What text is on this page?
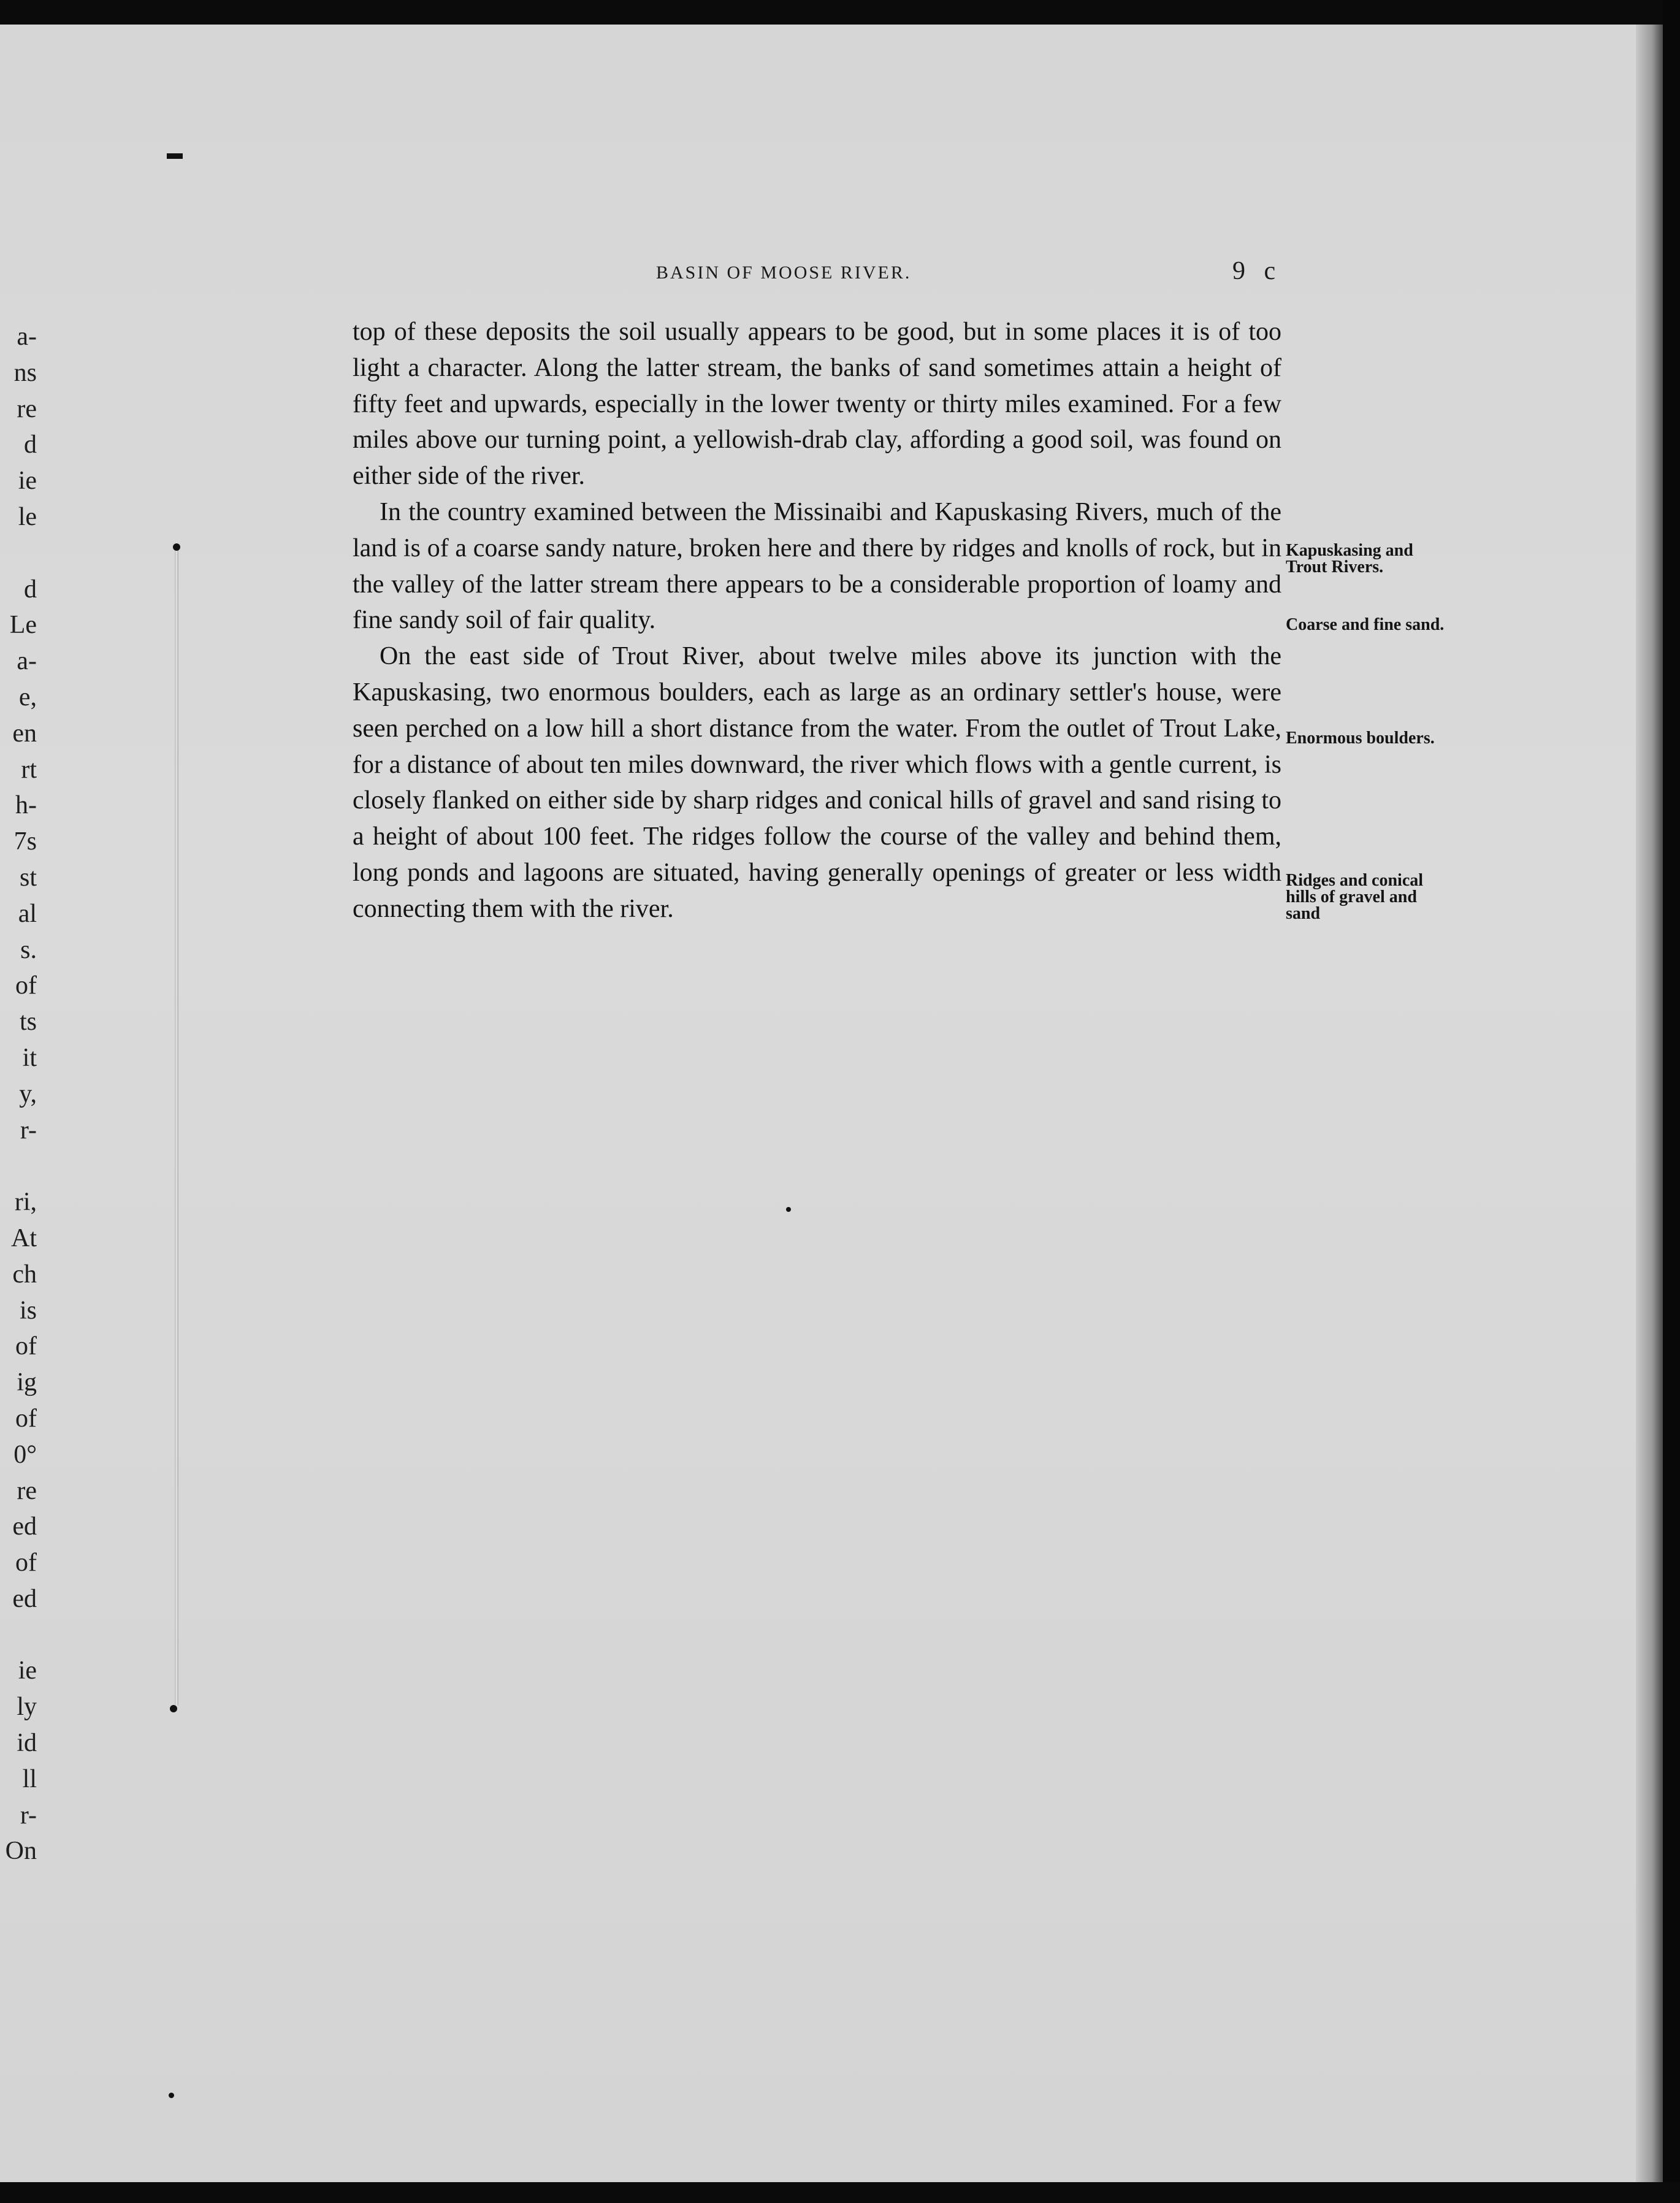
a-
ns
re
d
ie
le

d
Le
a-
e,
en
rt
h-
7s
st
al
s.
of
ts
it
y,
r-

ri,
At
ch
is
of
ig
of
0°
re
ed
of
ed

ie
ly
id
ll
r-
On
BASIN OF MOOSE RIVER.	9 c

top of these deposits the soil usually appears to be good, but in some places it is of too light a character. Along the latter stream, the banks of sand sometimes attain a height of fifty feet and upwards, especially in the lower twenty or thirty miles examined. For a few miles above our turning point, a yellowish-drab clay, affording a good soil, was found on either side of the river.

In the country examined between the Missinaibi and Kapuskasing Rivers, much of the land is of a coarse sandy nature, broken here and there by ridges and knolls of rock, but in the valley of the latter stream there appears to be a considerable proportion of loamy and fine sandy soil of fair quality.

On the east side of Trout River, about twelve miles above its junction with the Kapuskasing, two enormous boulders, each as large as an ordinary settler's house, were seen perched on a low hill a short distance from the water. From the outlet of Trout Lake, for a distance of about ten miles downward, the river which flows with a gentle current, is closely flanked on either side by sharp ridges and conical hills of gravel and sand rising to a height of about 100 feet. The ridges follow the course of the valley and behind them, long ponds and lagoons are situated, having generally openings of greater or less width connecting them with the river.

Kapuskasing and Trout Rivers.
Coarse and fine sand.
Enormous boulders.
Ridges and conical hills of gravel and sand
